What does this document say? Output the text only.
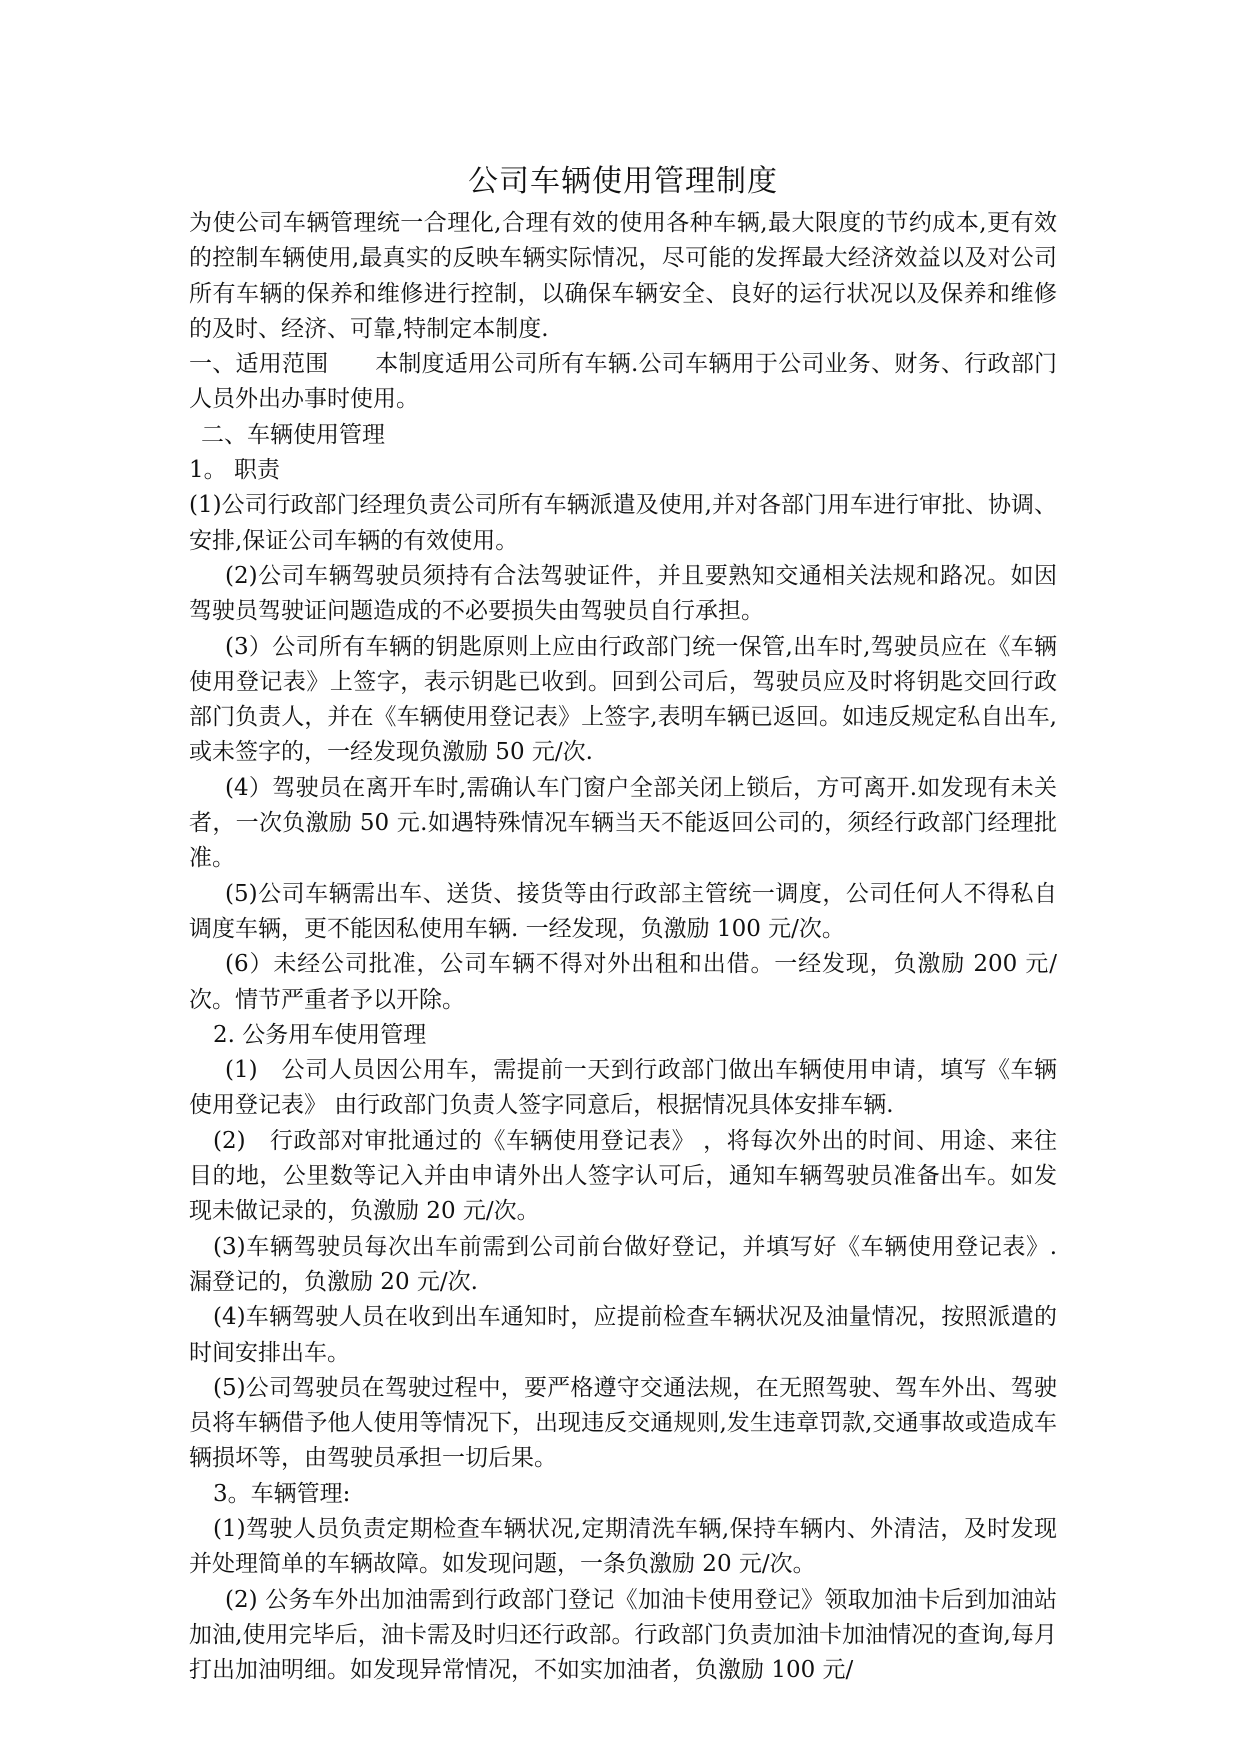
公司车辆使用管理制度

为使公司车辆管理统一合理化,合理有效的使用各种车辆,最大限度的节约成本,更有效的控制车辆使用,最真实的反映车辆实际情况，尽可能的发挥最大经济效益以及对公司所有车辆的保养和维修进行控制，以确保车辆安全、良好的运行状况以及保养和维修的及时、经济、可靠,特制定本制度.

一、适用范围　　本制度适用公司所有车辆.公司车辆用于公司业务、财务、行政部门人员外出办事时使用。

二、车辆使用管理

1。 职责

(1)公司行政部门经理负责公司所有车辆派遣及使用,并对各部门用车进行审批、协调、安排,保证公司车辆的有效使用。

(2)公司车辆驾驶员须持有合法驾驶证件，并且要熟知交通相关法规和路况。如因驾驶员驾驶证问题造成的不必要损失由驾驶员自行承担。

(3）公司所有车辆的钥匙原则上应由行政部门统一保管,出车时,驾驶员应在《车辆使用登记表》上签字，表示钥匙已收到。回到公司后，驾驶员应及时将钥匙交回行政部门负责人，并在《车辆使用登记表》上签字,表明车辆已返回。如违反规定私自出车,或未签字的，一经发现负激励 50 元/次.

(4）驾驶员在离开车时,需确认车门窗户全部关闭上锁后，方可离开.如发现有未关者，一次负激励 50 元.如遇特殊情况车辆当天不能返回公司的，须经行政部门经理批准。

(5)公司车辆需出车、送货、接货等由行政部主管统一调度，公司任何人不得私自调度车辆，更不能因私使用车辆. 一经发现，负激励 100 元/次。

(6）未经公司批准，公司车辆不得对外出租和出借。一经发现，负激励 200 元/次。情节严重者予以开除。

2. 公务用车使用管理

(1)　公司人员因公用车，需提前一天到行政部门做出车辆使用申请，填写《车辆使用登记表》 由行政部门负责人签字同意后，根据情况具体安排车辆.

(2)　行政部对审批通过的《车辆使用登记表》 ，将每次外出的时间、用途、来往目的地，公里数等记入并由申请外出人签字认可后，通知车辆驾驶员准备出车。如发现未做记录的，负激励 20 元/次。

(3)车辆驾驶员每次出车前需到公司前台做好登记，并填写好《车辆使用登记表》.漏登记的，负激励 20 元/次.

(4)车辆驾驶人员在收到出车通知时，应提前检查车辆状况及油量情况，按照派遣的时间安排出车。

(5)公司驾驶员在驾驶过程中，要严格遵守交通法规，在无照驾驶、驾车外出、驾驶员将车辆借予他人使用等情况下，出现违反交通规则,发生违章罚款,交通事故或造成车辆损坏等，由驾驶员承担一切后果。

3。车辆管理:

(1)驾驶人员负责定期检查车辆状况,定期清洗车辆,保持车辆内、外清洁，及时发现并处理简单的车辆故障。如发现问题，一条负激励 20 元/次。

(2) 公务车外出加油需到行政部门登记《加油卡使用登记》领取加油卡后到加油站加油,使用完毕后，油卡需及时归还行政部。行政部门负责加油卡加油情况的查询,每月打出加油明细。如发现异常情况，不如实加油者，负激励 100 元/
